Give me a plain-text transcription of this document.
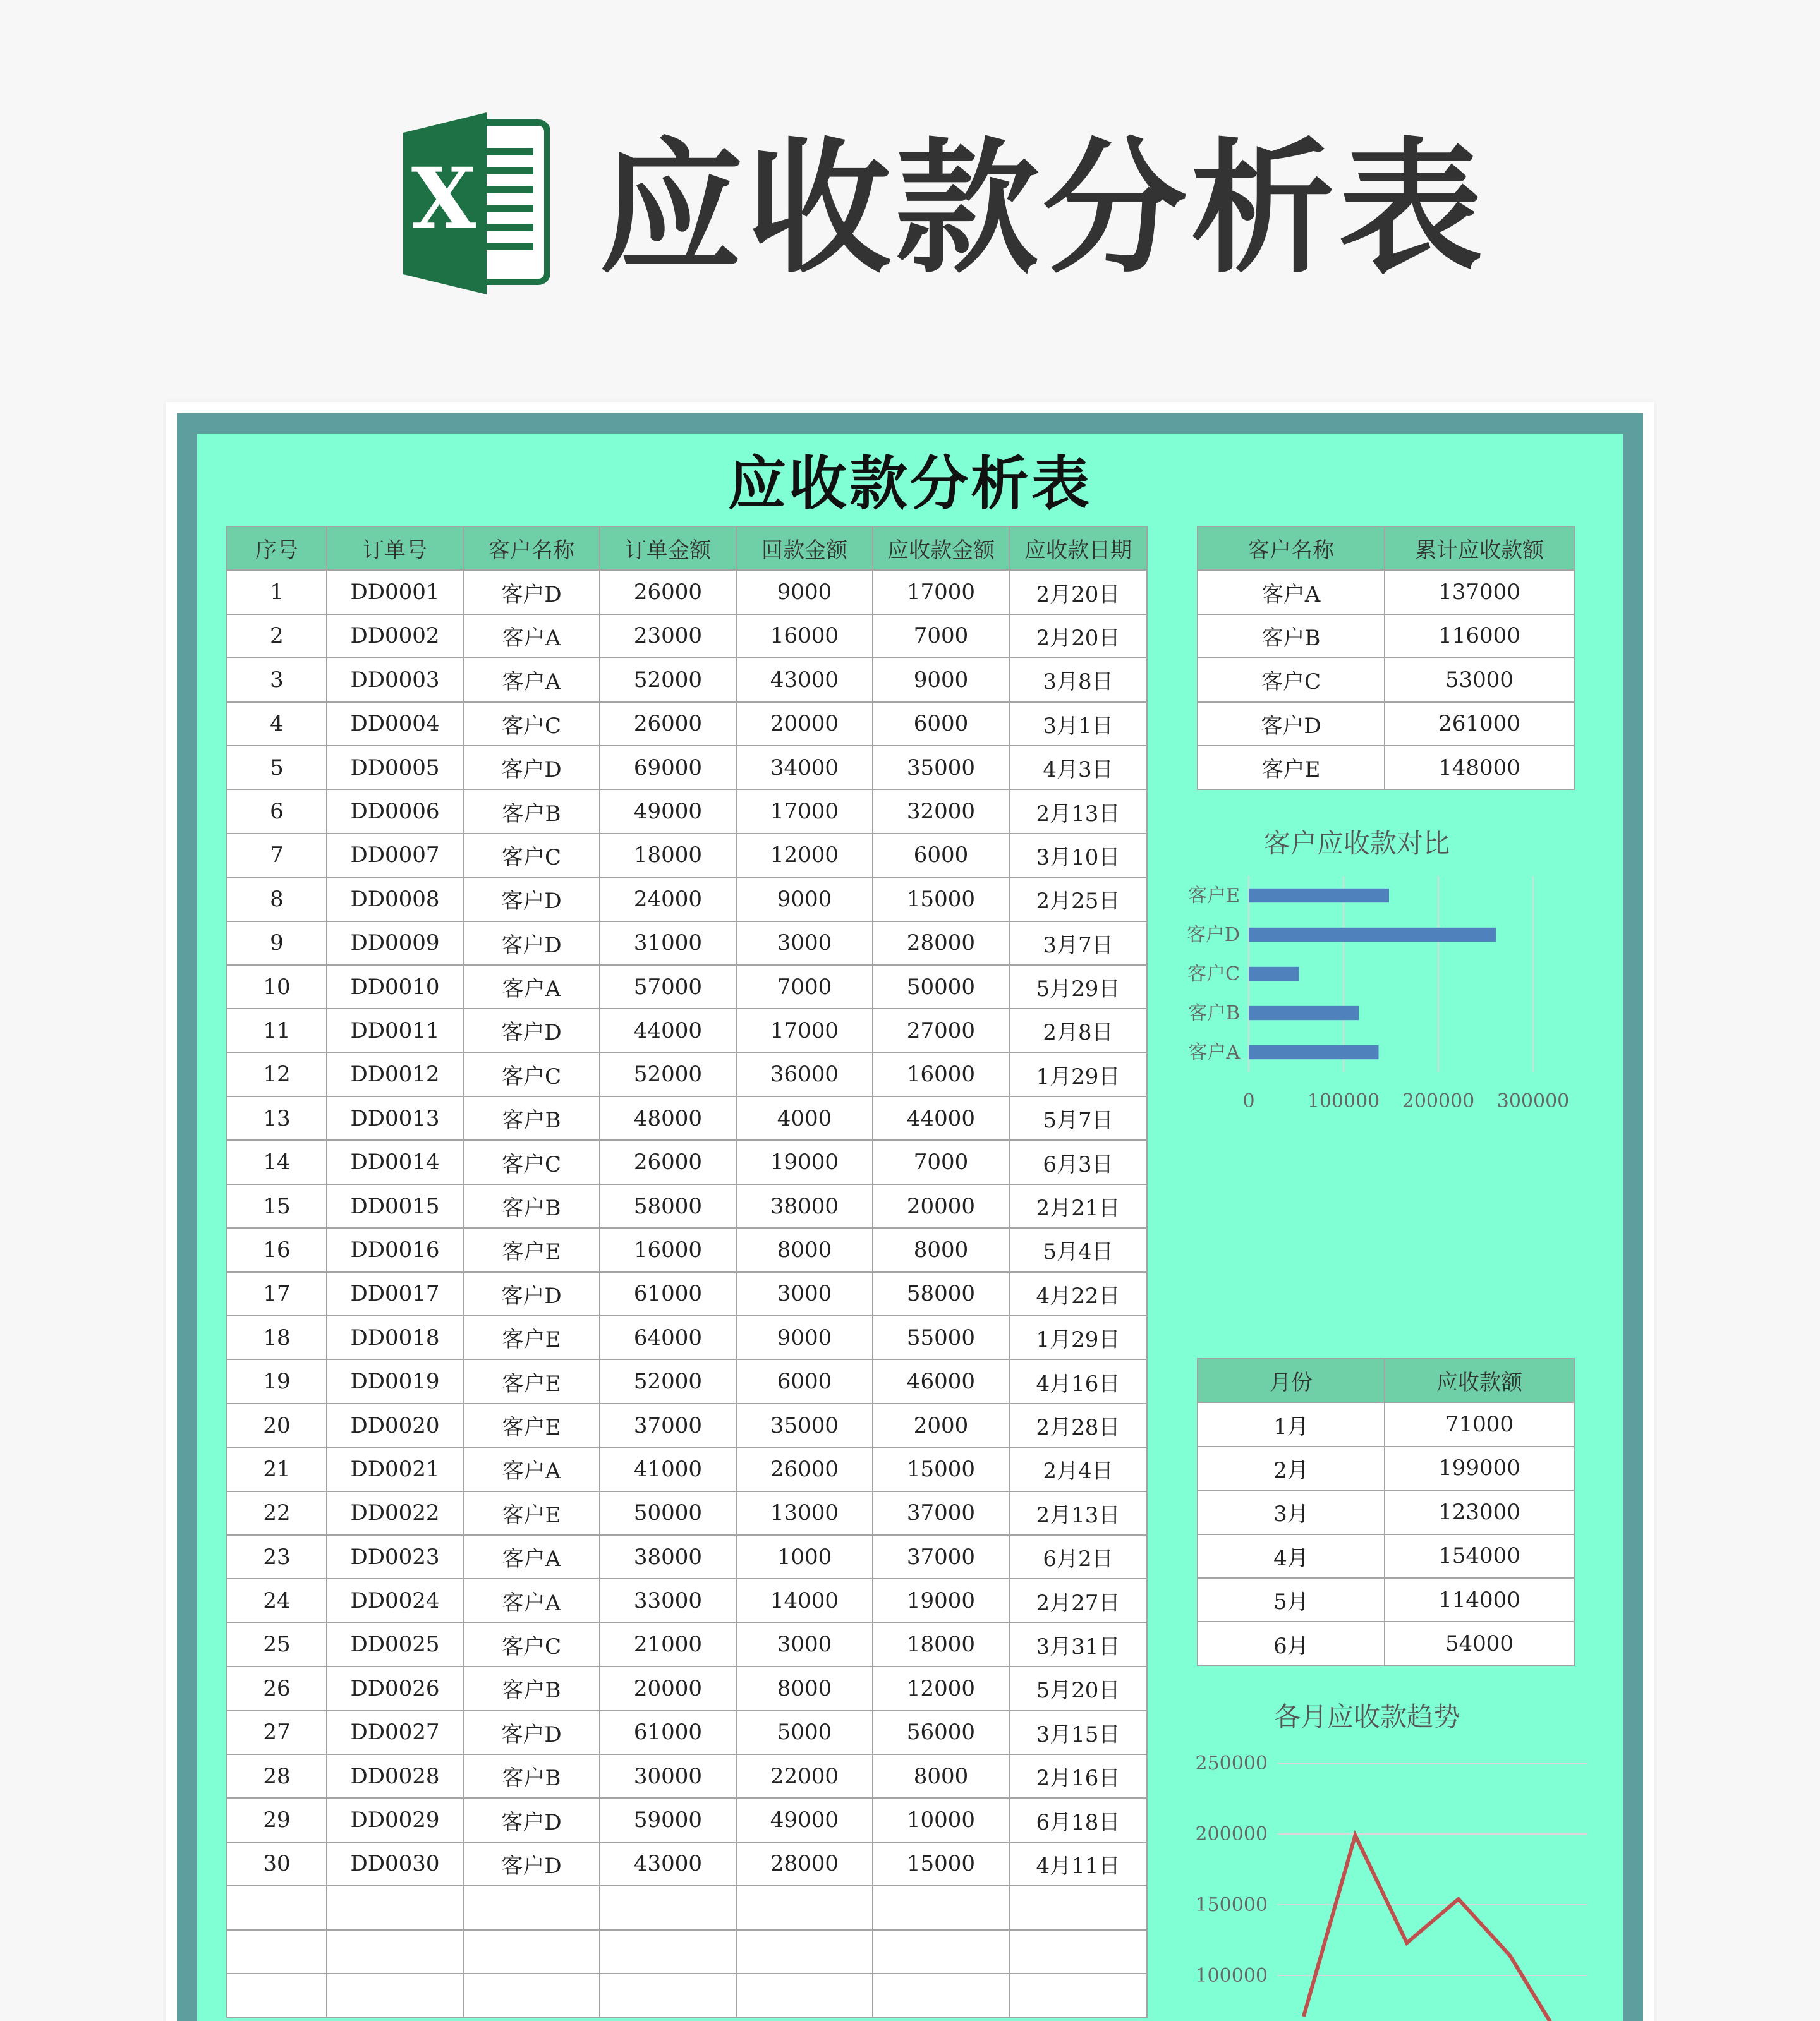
X 应收款分析表
应收款分析表
序号	订单号	客户名称	订单金额	回款金额	应收款金额	应收款日期
1	DD0001	客户D	26000	9000	17000	2月20日
2	DD0002	客户A	23000	16000	7000	2月20日
3	DD0003	客户A	52000	43000	9000	3月8日
4	DD0004	客户C	26000	20000	6000	3月1日
5	DD0005	客户D	69000	34000	35000	4月3日
6	DD0006	客户B	49000	17000	32000	2月13日
7	DD0007	客户C	18000	12000	6000	3月10日
8	DD0008	客户D	24000	9000	15000	2月25日
9	DD0009	客户D	31000	3000	28000	3月7日
10	DD0010	客户A	57000	7000	50000	5月29日
11	DD0011	客户D	44000	17000	27000	2月8日
12	DD0012	客户C	52000	36000	16000	1月29日
13	DD0013	客户B	48000	4000	44000	5月7日
14	DD0014	客户C	26000	19000	7000	6月3日
15	DD0015	客户B	58000	38000	20000	2月21日
16	DD0016	客户E	16000	8000	8000	5月4日
17	DD0017	客户D	61000	3000	58000	4月22日
18	DD0018	客户E	64000	9000	55000	1月29日
19	DD0019	客户E	52000	6000	46000	4月16日
20	DD0020	客户E	37000	35000	2000	2月28日
21	DD0021	客户A	41000	26000	15000	2月4日
22	DD0022	客户E	50000	13000	37000	2月13日
23	DD0023	客户A	38000	1000	37000	6月2日
24	DD0024	客户A	33000	14000	19000	2月27日
25	DD0025	客户C	21000	3000	18000	3月31日
26	DD0026	客户B	20000	8000	12000	5月20日
27	DD0027	客户D	61000	5000	56000	3月15日
28	DD0028	客户B	30000	22000	8000	2月16日
29	DD0029	客户D	59000	49000	10000	6月18日
30	DD0030	客户D	43000	28000	15000	4月11日

客户名称	累计应收款额
客户A	137000
客户B	116000
客户C	53000
客户D	261000
客户E	148000
客户应收款对比
0	100000 200000 300000
客户A
客户B
客户C
客户D
客户E
月份	应收款额
1月	71000
2月	199000
3月	123000
4月	154000
5月	114000
6月	54000
各月应收款趋势
250000
200000
150000
100000
